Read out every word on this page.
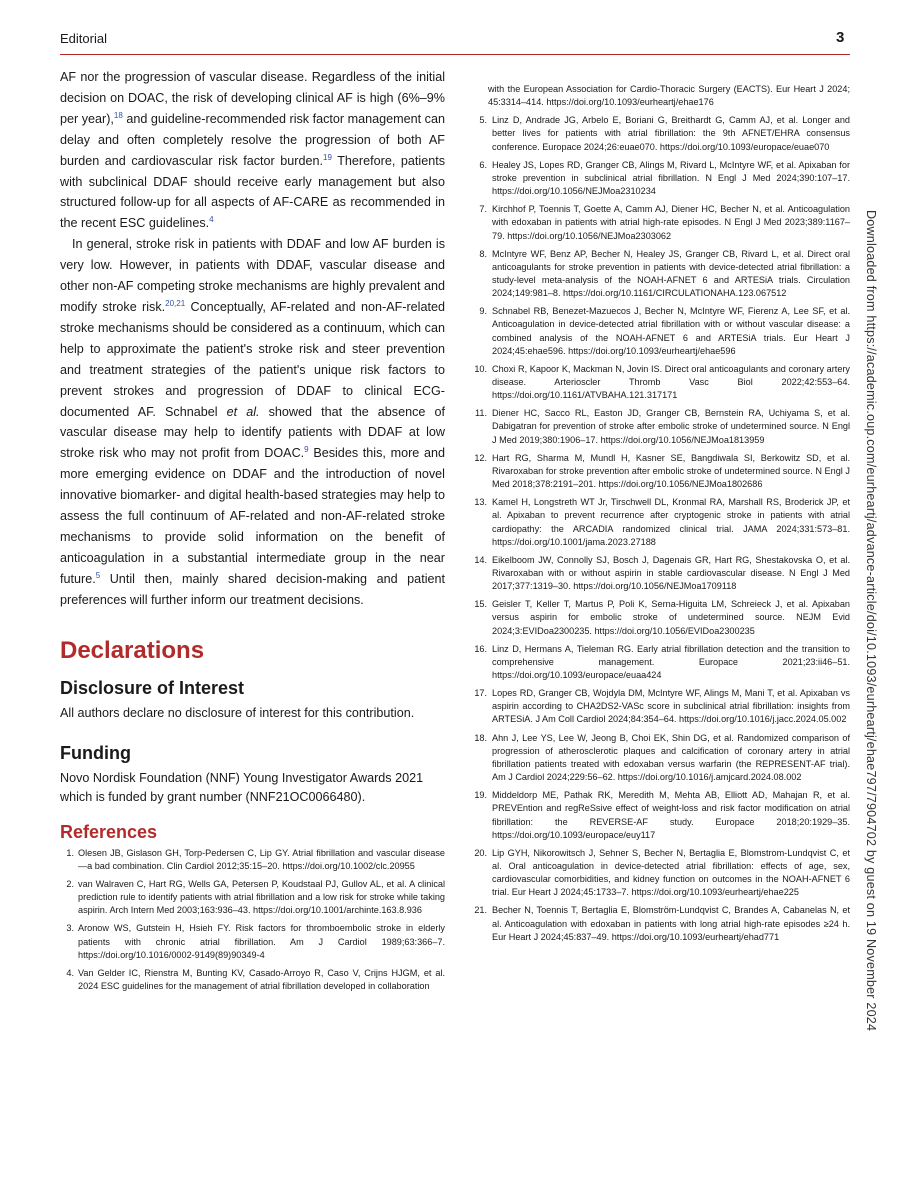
Editorial	3

AF nor the progression of vascular disease. Regardless of the initial decision on DOAC, the risk of developing clinical AF is high (6%–9% per year),$^{18}$ and guideline-recommended risk factor management can delay and often completely resolve the progression of both AF burden and cardiovascular risk factor burden.$^{19}$ Therefore, patients with subclinical DDAF should receive early management but also structured follow-up for all aspects of AF-CARE as recommended in the recent ESC guidelines.$^4$

In general, stroke risk in patients with DDAF and low AF burden is very low. However, in patients with DDAF, vascular disease and other non-AF competing stroke mechanisms are highly prevalent and modify stroke risk.$^{20,21}$ Conceptually, AF-related and non-AF-related stroke mechanisms should be considered as a continuum, which can help to approximate the patient's stroke risk and steer prevention and treatment strategies of the patient's unique risk factors to prevent strokes and progression of DDAF to clinical ECG-documented AF. Schnabel et al. showed that the absence of vascular disease may help to identify patients with DDAF at low stroke risk who may not profit from DOAC.$^9$ Besides this, more and more emerging evidence on DDAF and the introduction of novel innovative biomarker- and digital health-based strategies may help to assess the full continuum of AF-related and non-AF-related stroke mechanisms to provide solid information on the benefit of anticoagulation in a substantial intermediate group in the near future.$^5$ Until then, mainly shared decision-making and patient preferences will further inform our treatment decisions.

Declarations
Disclosure of Interest

All authors declare no disclosure of interest for this contribution.

Funding

Novo Nordisk Foundation (NNF) Young Investigator Awards 2021 which is funded by grant number (NNF21OC0066480).

References
1. Olesen JB, Gislason GH, Torp-Pedersen C, Lip GY. Atrial fibrillation and vascular disease—a bad combination. Clin Cardiol 2012;35:15–20. https://doi.org/10.1002/clc.20955
2. van Walraven C, Hart RG, Wells GA, Petersen P, Koudstaal PJ, Gullov AL, et al. A clinical prediction rule to identify patients with atrial fibrillation and a low risk for stroke while taking aspirin. Arch Intern Med 2003;163:936–43. https://doi.org/10.1001/archinte.163.8.936
3. Aronow WS, Gutstein H, Hsieh FY. Risk factors for thromboembolic stroke in elderly patients with chronic atrial fibrillation. Am J Cardiol 1989;63:366–7. https://doi.org/10.1016/0002-9149(89)90349-4
4. Van Gelder IC, Rienstra M, Bunting KV, Casado-Arroyo R, Caso V, Crijns HJGM, et al. 2024 ESC guidelines for the management of atrial fibrillation developed in collaboration

with the European Association for Cardio-Thoracic Surgery (EACTS). Eur Heart J 2024; 45:3314–414. https://doi.org/10.1093/eurheartj/ehae176

5. Linz D, Andrade JG, Arbelo E, Boriani G, Breithardt G, Camm AJ, et al. Longer and better lives for patients with atrial fibrillation: the 9th AFNET/EHRA consensus conference. Europace 2024;26:euae070. https://doi.org/10.1093/europace/euae070
6. Healey JS, Lopes RD, Granger CB, Alings M, Rivard L, McIntyre WF, et al. Apixaban for stroke prevention in subclinical atrial fibrillation. N Engl J Med 2024;390:107–17. https://doi.org/10.1056/NEJMoa2310234
7. Kirchhof P, Toennis T, Goette A, Camm AJ, Diener HC, Becher N, et al. Anticoagulation with edoxaban in patients with atrial high-rate episodes. N Engl J Med 2023;389:1167–79. https://doi.org/10.1056/NEJMoa2303062
8. McIntyre WF, Benz AP, Becher N, Healey JS, Granger CB, Rivard L, et al. Direct oral anticoagulants for stroke prevention in patients with device-detected atrial fibrillation: a study-level meta-analysis of the NOAH-AFNET 6 and ARTESiA trials. Circulation 2024;149:981–8. https://doi.org/10.1161/CIRCULATIONAHA.123.067512
9. Schnabel RB, Benezet-Mazuecos J, Becher N, McIntyre WF, Fierenz A, Lee SF, et al. Anticoagulation in device-detected atrial fibrillation with or without vascular disease: a combined analysis of the NOAH-AFNET 6 and ARTESiA trials. Eur Heart J 2024;45:ehae596. https://doi.org/10.1093/eurheartj/ehae596
10. Choxi R, Kapoor K, Mackman N, Jovin IS. Direct oral anticoagulants and coronary artery disease. Arterioscler Thromb Vasc Biol 2022;42:553–64. https://doi.org/10.1161/ATVBAHA.121.317171
11. Diener HC, Sacco RL, Easton JD, Granger CB, Bernstein RA, Uchiyama S, et al. Dabigatran for prevention of stroke after embolic stroke of undetermined source. N Engl J Med 2019;380:1906–17. https://doi.org/10.1056/NEJMoa1813959
12. Hart RG, Sharma M, Mundl H, Kasner SE, Bangdiwala SI, Berkowitz SD, et al. Rivaroxaban for stroke prevention after embolic stroke of undetermined source. N Engl J Med 2018;378:2191–201. https://doi.org/10.1056/NEJMoa1802686
13. Kamel H, Longstreth WT Jr, Tirschwell DL, Kronmal RA, Marshall RS, Broderick JP, et al. Apixaban to prevent recurrence after cryptogenic stroke in patients with atrial cardiopathy: the ARCADIA randomized clinical trial. JAMA 2024;331:573–81. https://doi.org/10.1001/jama.2023.27188
14. Eikelboom JW, Connolly SJ, Bosch J, Dagenais GR, Hart RG, Shestakovska O, et al. Rivaroxaban with or without aspirin in stable cardiovascular disease. N Engl J Med 2017;377:1319–30. https://doi.org/10.1056/NEJMoa1709118
15. Geisler T, Keller T, Martus P, Poli K, Serna-Higuita LM, Schreieck J, et al. Apixaban versus aspirin for embolic stroke of undetermined source. NEJM Evid 2024;3:EVIDoa2300235. https://doi.org/10.1056/EVIDoa2300235
16. Linz D, Hermans A, Tieleman RG. Early atrial fibrillation detection and the transition to comprehensive management. Europace 2021;23:ii46–51. https://doi.org/10.1093/europace/euaa424
17. Lopes RD, Granger CB, Wojdyla DM, McIntyre WF, Alings M, Mani T, et al. Apixaban vs aspirin according to CHA2DS2-VASc score in subclinical atrial fibrillation: insights from ARTESiA. J Am Coll Cardiol 2024;84:354–64. https://doi.org/10.1016/j.jacc.2024.05.002
18. Ahn J, Lee YS, Lee W, Jeong B, Choi EK, Shin DG, et al. Randomized comparison of progression of atherosclerotic plaques and calcification of coronary artery in atrial fibrillation patients treated with edoxaban versus warfarin (the REPRESENT-AF trial). Am J Cardiol 2024;229:56–62. https://doi.org/10.1016/j.amjcard.2024.08.002
19. Middeldorp ME, Pathak RK, Meredith M, Mehta AB, Elliott AD, Mahajan R, et al. PREVEntion and regReSsive effect of weight-loss and risk factor modification on atrial fibrillation: the REVERSE-AF study. Europace 2018;20:1929–35. https://doi.org/10.1093/europace/euy117
20. Lip GYH, Nikorowitsch J, Sehner S, Becher N, Bertaglia E, Blomstrom-Lundqvist C, et al. Oral anticoagulation in device-detected atrial fibrillation: effects of age, sex, cardiovascular comorbidities, and kidney function on outcomes in the NOAH-AFNET 6 trial. Eur Heart J 2024;45:1733–7. https://doi.org/10.1093/eurheartj/ehae225
21. Becher N, Toennis T, Bertaglia E, Blomström-Lundqvist C, Brandes A, Cabanelas N, et al. Anticoagulation with edoxaban in patients with long atrial high-rate episodes ≥24 h. Eur Heart J 2024;45:837–49. https://doi.org/10.1093/eurheartj/ehad771	Downloaded from https://academic.oup.com/eurheartj/advance-article/doi/10.1093/eurheartj/ehae797/7904702 by guest on 19 November 2024
